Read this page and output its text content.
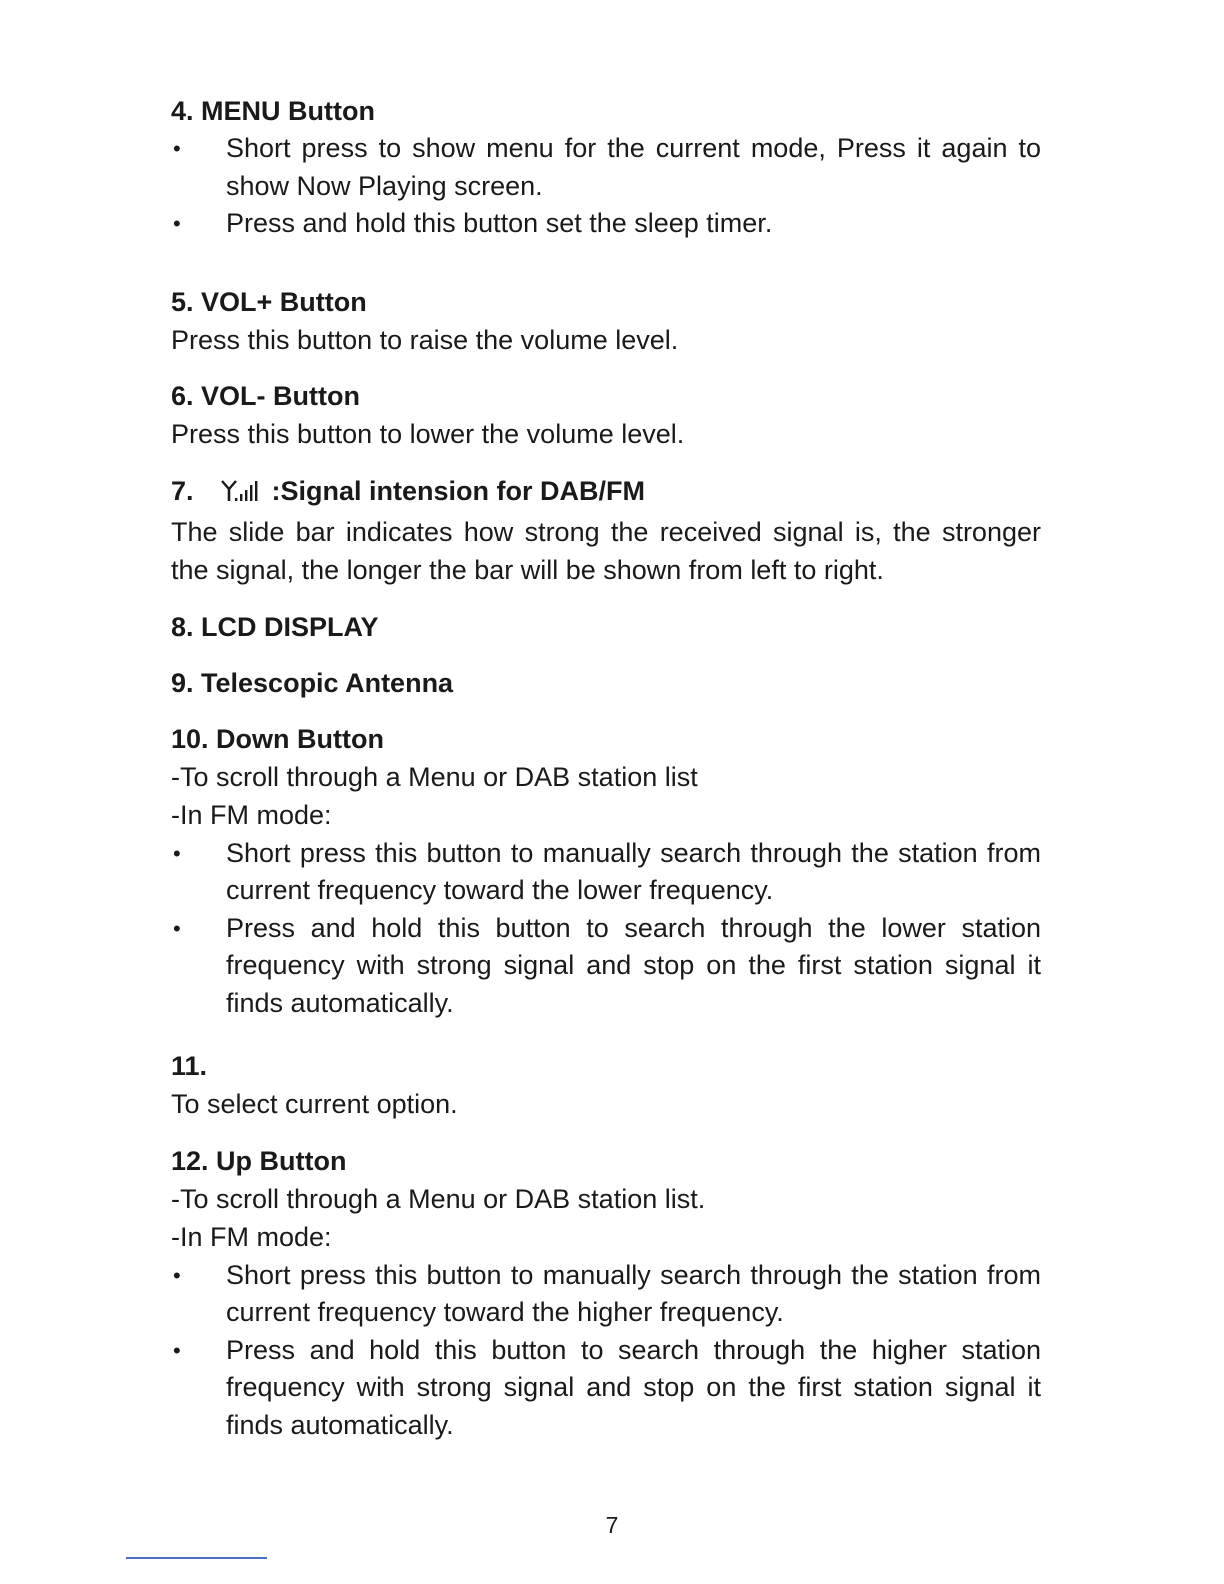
4. MENU Button

• Short press to show menu for the current mode, Press it again to show Now Playing screen.
• Press and hold this button set the sleep timer.

5. VOL+ Button

Press this button to raise the volume level.

6. VOL- Button

Press this button to lower the volume level.

7.	:Signal intension for DAB/FM

The slide bar indicates how strong the received signal is, the stronger the signal, the longer the bar will be shown from left to right.

8. LCD DISPLAY

9. Telescopic Antenna

10. Down Button

-To scroll through a Menu or DAB station list

-In FM mode:

• Short press this button to manually search through the station from current frequency toward the lower frequency.
• Press and hold this button to search through the lower station frequency with strong signal and stop on the first station signal it finds automatically.

11.

To select current option.

12. Up Button

-To scroll through a Menu or DAB station list.

-In FM mode:

• Short press this button to manually search through the station from current frequency toward the higher frequency.
• Press and hold this button to search through the higher station frequency with strong signal and stop on the first station signal it finds automatically.
7
